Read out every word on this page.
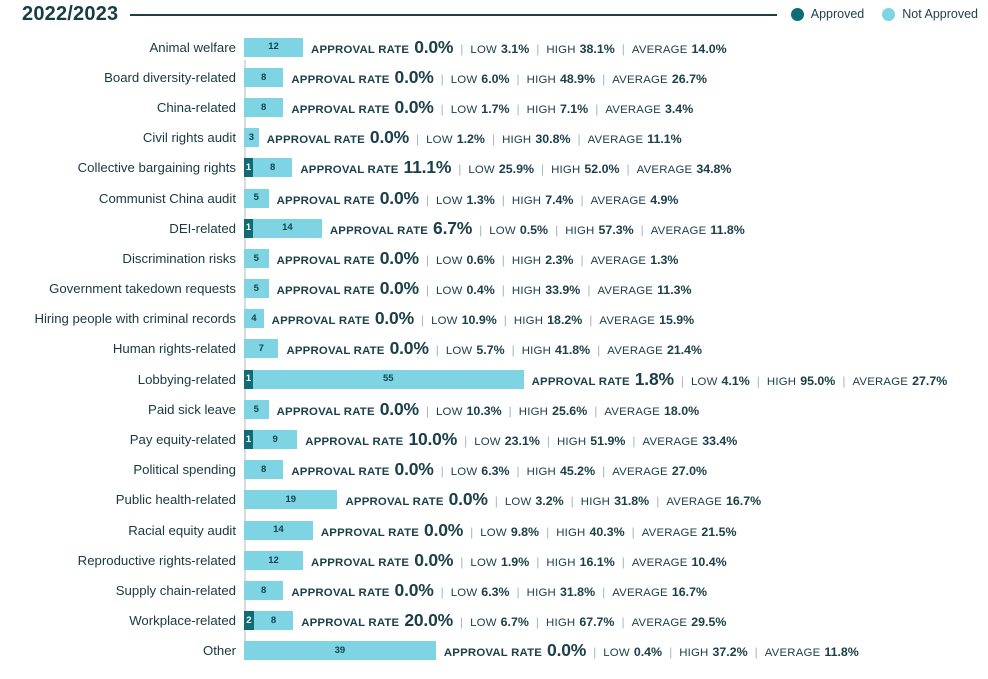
2022/2023	Approved	Not Approved
Animal welfare	12	APPROVAL RATE 0.0% | LOW 3.1% | HIGH 38.1% | AVERAGE 14.0%
Board diversity-related	8 APPROVAL RATE 0.0% | LOW 6.0% | HIGH 48.9% | AVERAGE 26.7%
China-related	8 APPROVAL RATE 0.0% | LOW 1.7% | HIGH 7.1% | AVERAGE 3.4%
Civil rights audit	3 APPROVAL RATE 0.0% | LOW 1.2% | HIGH 30.8% | AVERAGE 11.1%
Collective bargaining rights	1 8 APPROVAL RATE 11.1% | LOW 25.9% | HIGH 52.0% | AVERAGE 34.8%
Communist China audit	5 APPROVAL RATE 0.0% | LOW 1.3% | HIGH 7.4% | AVERAGE 4.9%
DEI-related	1	14	APPROVAL RATE 6.7% | LOW 0.5% | HIGH 57.3% | AVERAGE 11.8%
Discrimination risks	5 APPROVAL RATE 0.0% | LOW 0.6% | HIGH 2.3% | AVERAGE 1.3%
Government takedown requests	5 APPROVAL RATE 0.0% | LOW 0.4% | HIGH 33.9% | AVERAGE 11.3%
Hiring people with criminal records	4 APPROVAL RATE 0.0% | LOW 10.9% | HIGH 18.2% | AVERAGE 15.9%
Human rights-related	7 APPROVAL RATE 0.0% | LOW 5.7% | HIGH 41.8% | AVERAGE 21.4%
Lobbying-related	1	55	APPROVAL RATE 1.8% | LOW 4.1% | HIGH 95.0% | AVERAGE 27.7%
Paid sick leave	5 APPROVAL RATE 0.0% | LOW 10.3% | HIGH 25.6% | AVERAGE 18.0%
Pay equity-related	1 9 APPROVAL RATE 10.0% | LOW 23.1% | HIGH 51.9% | AVERAGE 33.4%
Political spending	8 APPROVAL RATE 0.0% | LOW 6.3% | HIGH 45.2% | AVERAGE 27.0%
Public health-related	19	APPROVAL RATE 0.0% | LOW 3.2% | HIGH 31.8% | AVERAGE 16.7%
Racial equity audit	14	APPROVAL RATE 0.0% | LOW 9.8% | HIGH 40.3% | AVERAGE 21.5%
Reproductive rights-related	12	APPROVAL RATE 0.0% | LOW 1.9% | HIGH 16.1% | AVERAGE 10.4%
Supply chain-related	8 APPROVAL RATE 0.0% | LOW 6.3% | HIGH 31.8% | AVERAGE 16.7%
Workplace-related	2 8 APPROVAL RATE 20.0% | LOW 6.7% | HIGH 67.7% | AVERAGE 29.5%
Other	39	APPROVAL RATE 0.0% | LOW 0.4% | HIGH 37.2% | AVERAGE 11.8%
